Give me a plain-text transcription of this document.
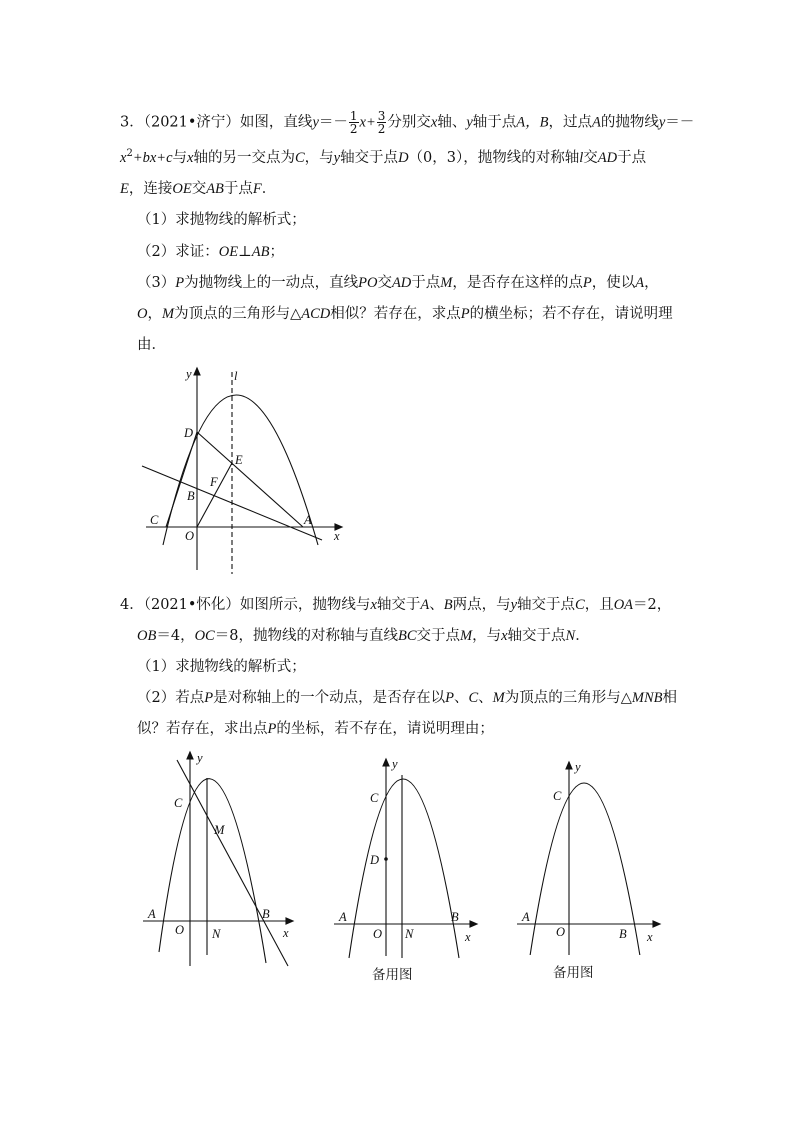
3．（2021•济宁）如图，直线$y=- \frac{1}{2} x+ \frac{3}{2}$ 分别交x轴、y轴于点A，B，过点A的抛物线y＝－
$x^2+bx+c$与x轴的另一交点为C，与y轴交于点D（0，3），抛物线的对称轴l交AD于点
E，连接OE交AB于点F．
（1）求抛物线的解析式；
（2）求证：OE⊥AB；
（3）P为抛物线上的一动点，直线PO交AD于点M，是否存在这样的点P，使以A，
O，M为顶点的三角形与△ACD相似？若存在，求点P的横坐标；若不存在，请说明理
由．
y	l
D
E
F
B
C
O
A
x
4．（2021•怀化）如图所示，抛物线与x轴交于A、B两点，与y轴交于点C，且OA＝2，
OB＝4，OC＝8，抛物线的对称轴与直线BC交于点M，与x轴交于点N．
（1）求抛物线的解析式；
（2）若点P是对称轴上的一个动点，是否存在以P、C、M为顶点的三角形与△MNB相
似？若存在，求出点P的坐标，若不存在，请说明理由；
y
C
M
A	B
O N	x
y
C
D
A	B
O N	x
备用图
y
C
A
B
O	x
备用图
